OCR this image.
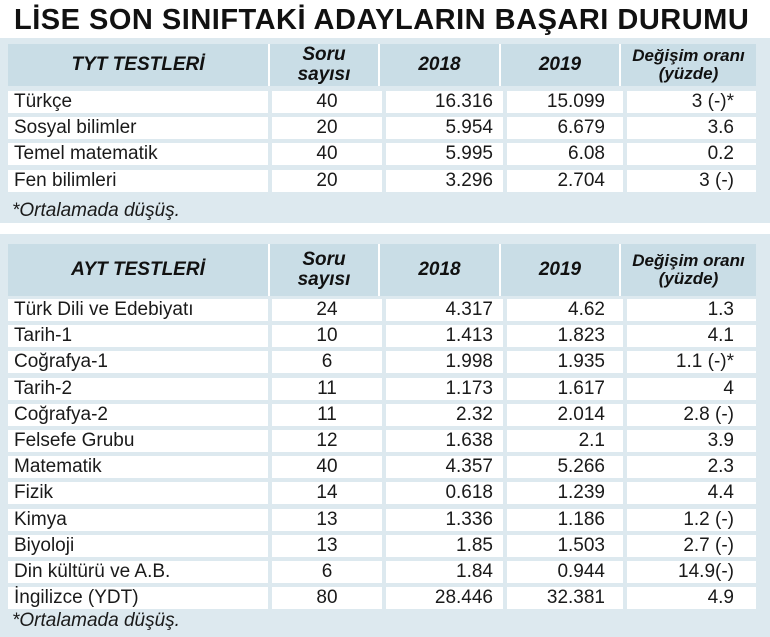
LİSE SON SINIFTAKİ ADAYLARIN BAŞARI DURUMU
TYT TESTLERİ	Soru
sayısı	2018	2019	Değişim oranı
(yüzde)
Türkçe	40	16.316	15.099	3 (-)*
Sosyal bilimler	20	5.954	6.679	3.6
Temel matematik	40	5.995	6.08	0.2
Fen bilimleri	20	3.296	2.704	3 (-)
*Ortalamada düşüş.
AYT TESTLERİ	Soru
sayısı	2018	2019	Değişim oranı
(yüzde)
Türk Dili ve Edebiyatı	24	4.317	4.62	1.3
Tarih-1	10	1.413	1.823	4.1
Coğrafya-1	6	1.998	1.935	1.1 (-)*
Tarih-2	11	1.173	1.617	4
Coğrafya-2	11	2.32	2.014	2.8 (-)
Felsefe Grubu	12	1.638	2.1	3.9
Matematik	40	4.357	5.266	2.3
Fizik	14	0.618	1.239	4.4
Kimya	13	1.336	1.186	1.2 (-)
Biyoloji	13	1.85	1.503	2.7 (-)
Din kültürü ve A.B.	6	1.84	0.944	14.9(-)
İngilizce (YDT)	80	28.446	32.381	4.9
*Ortalamada düşüş.
